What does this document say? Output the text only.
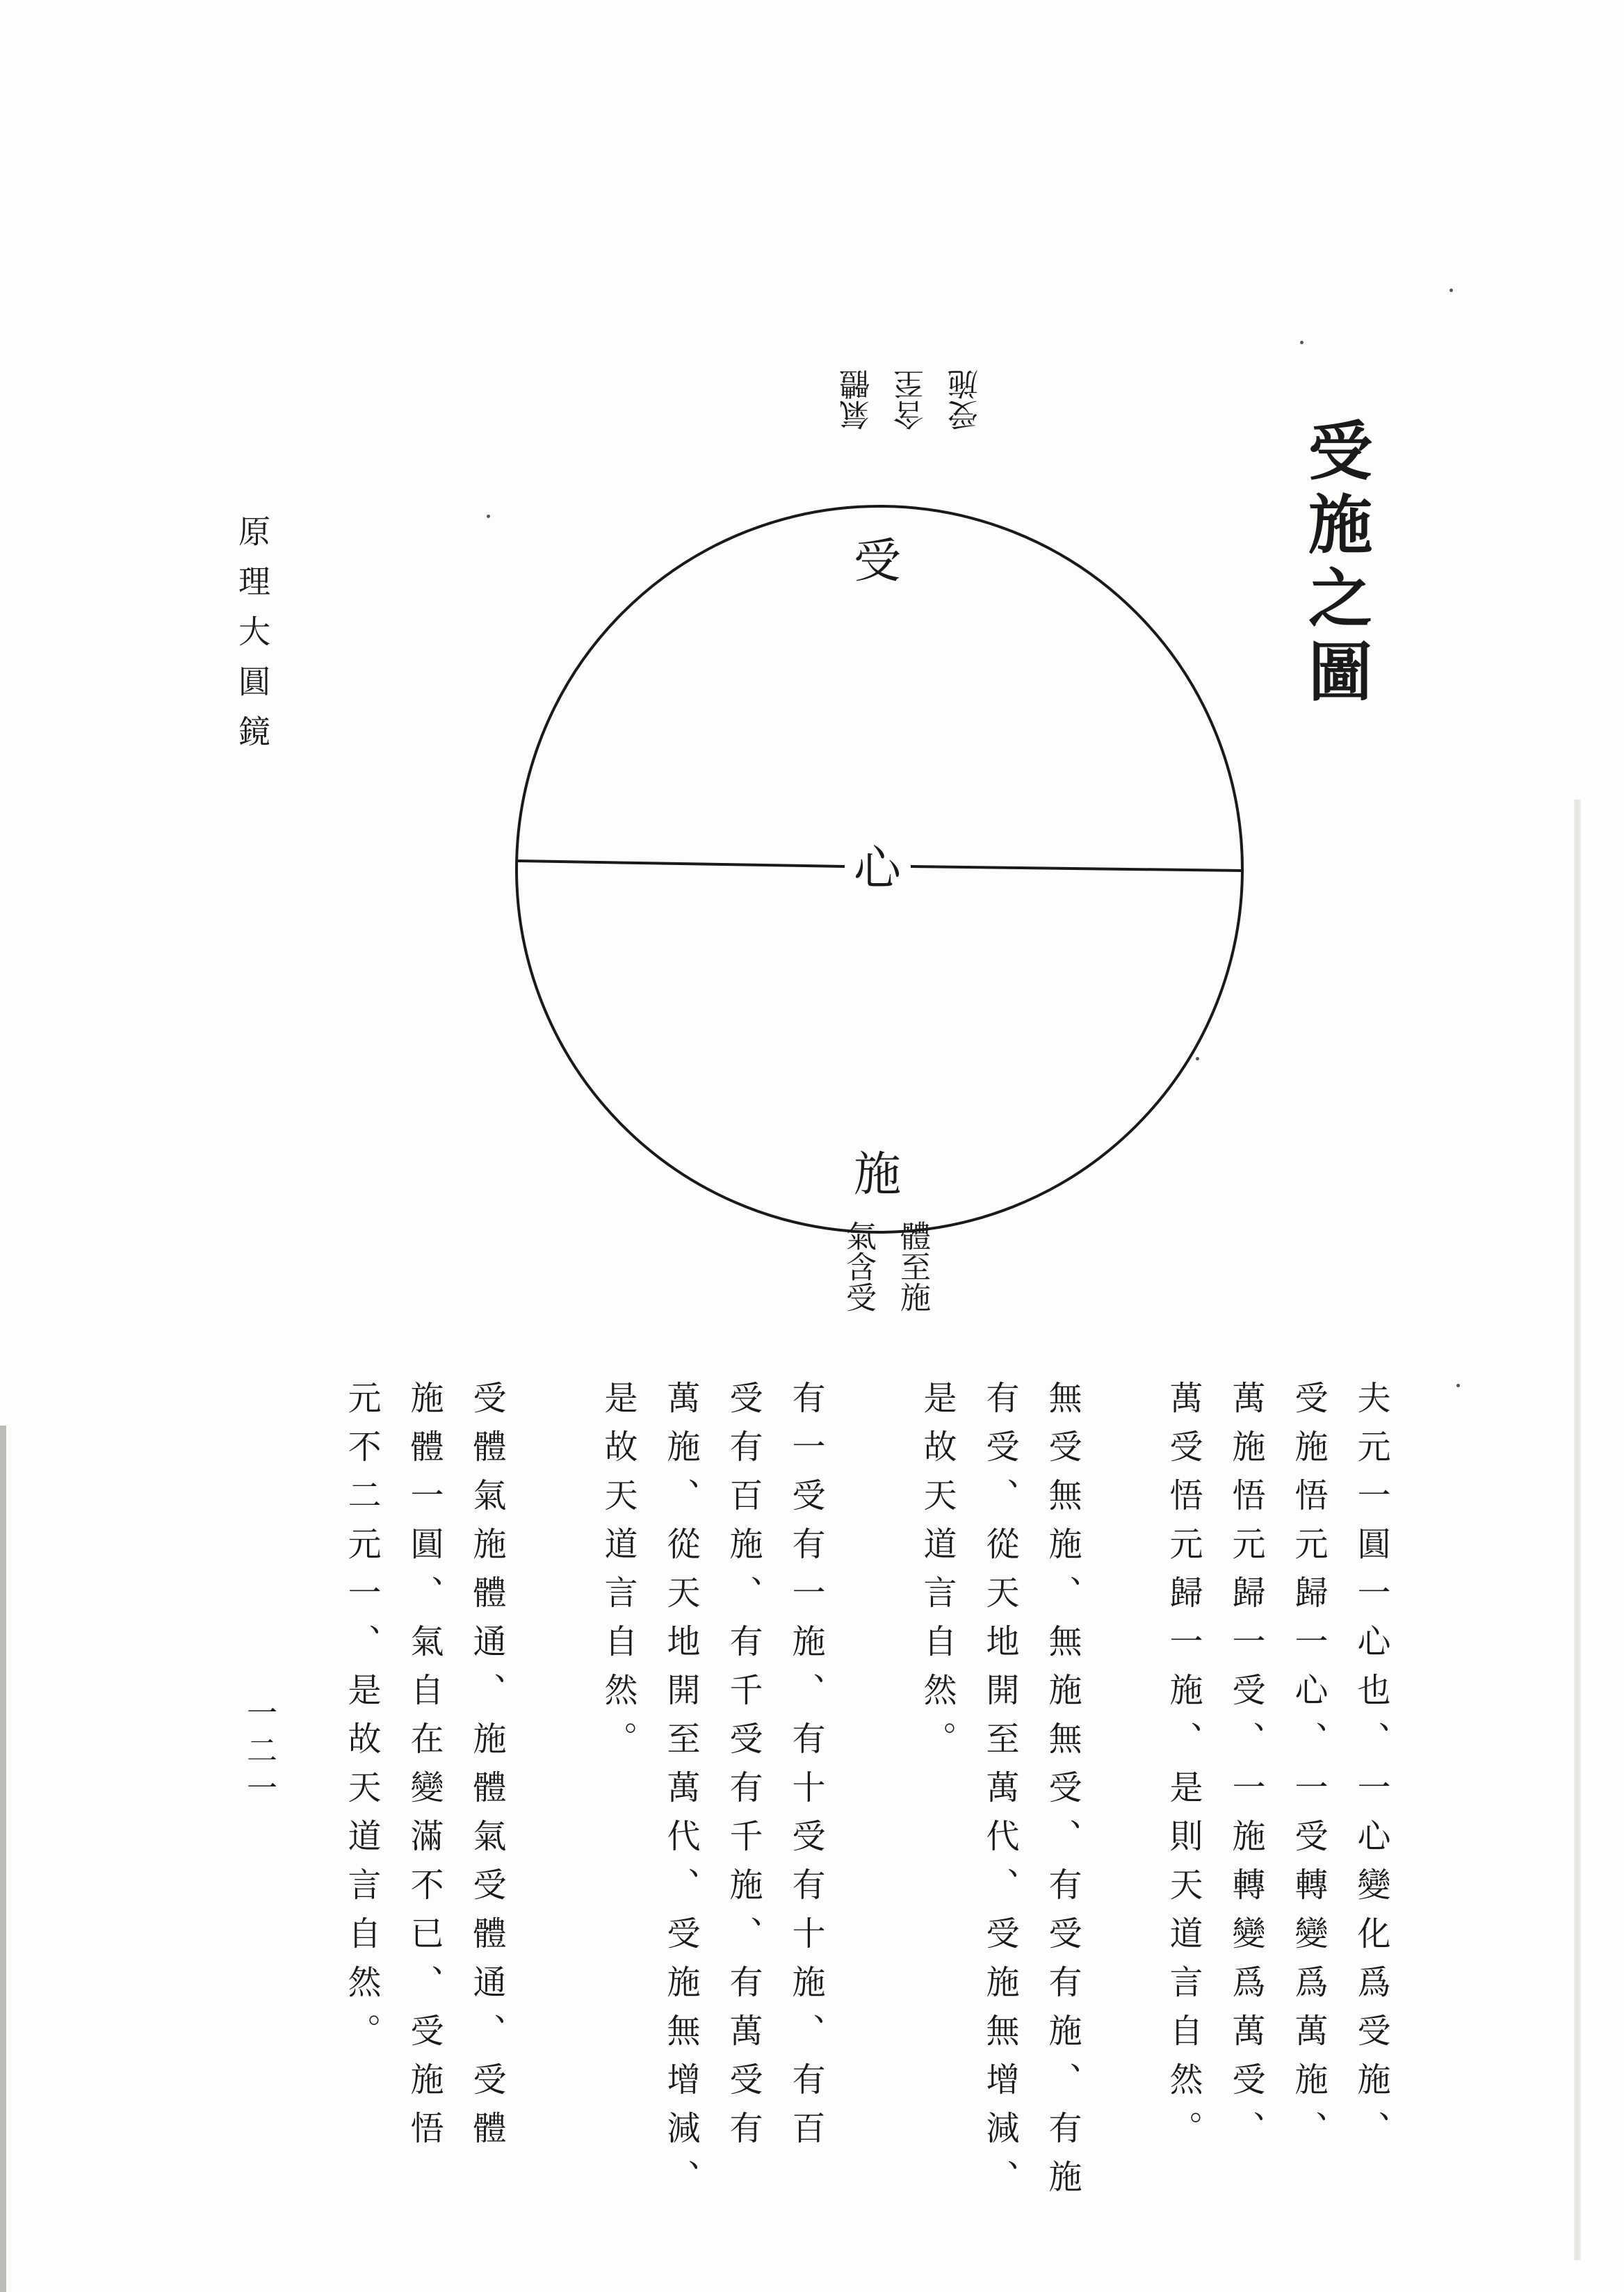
受施之圖
原理大圓鏡
一二一
受
心
施
受施 含至 氣體
氣含受 體至施
夫元一圓一心也、一心變化爲受施、
受施悟元歸一心、一受轉變爲萬施、
萬施悟元歸一受、一施轉變爲萬受、
萬受悟元歸一施、是則天道言自然。
無受無施、無施無受、有受有施、有施
有受、從天地開至萬代、受施無增減、
是故天道言自然。
有一受有一施、有十受有十施、有百
受有百施、有千受有千施、有萬受有
萬施、從天地開至萬代、受施無增減、
是故天道言自然。
受體氣施體通、施體氣受體通、受體
施體一圓、氣自在變滿不已、受施悟
元不二元一、是故天道言自然。
